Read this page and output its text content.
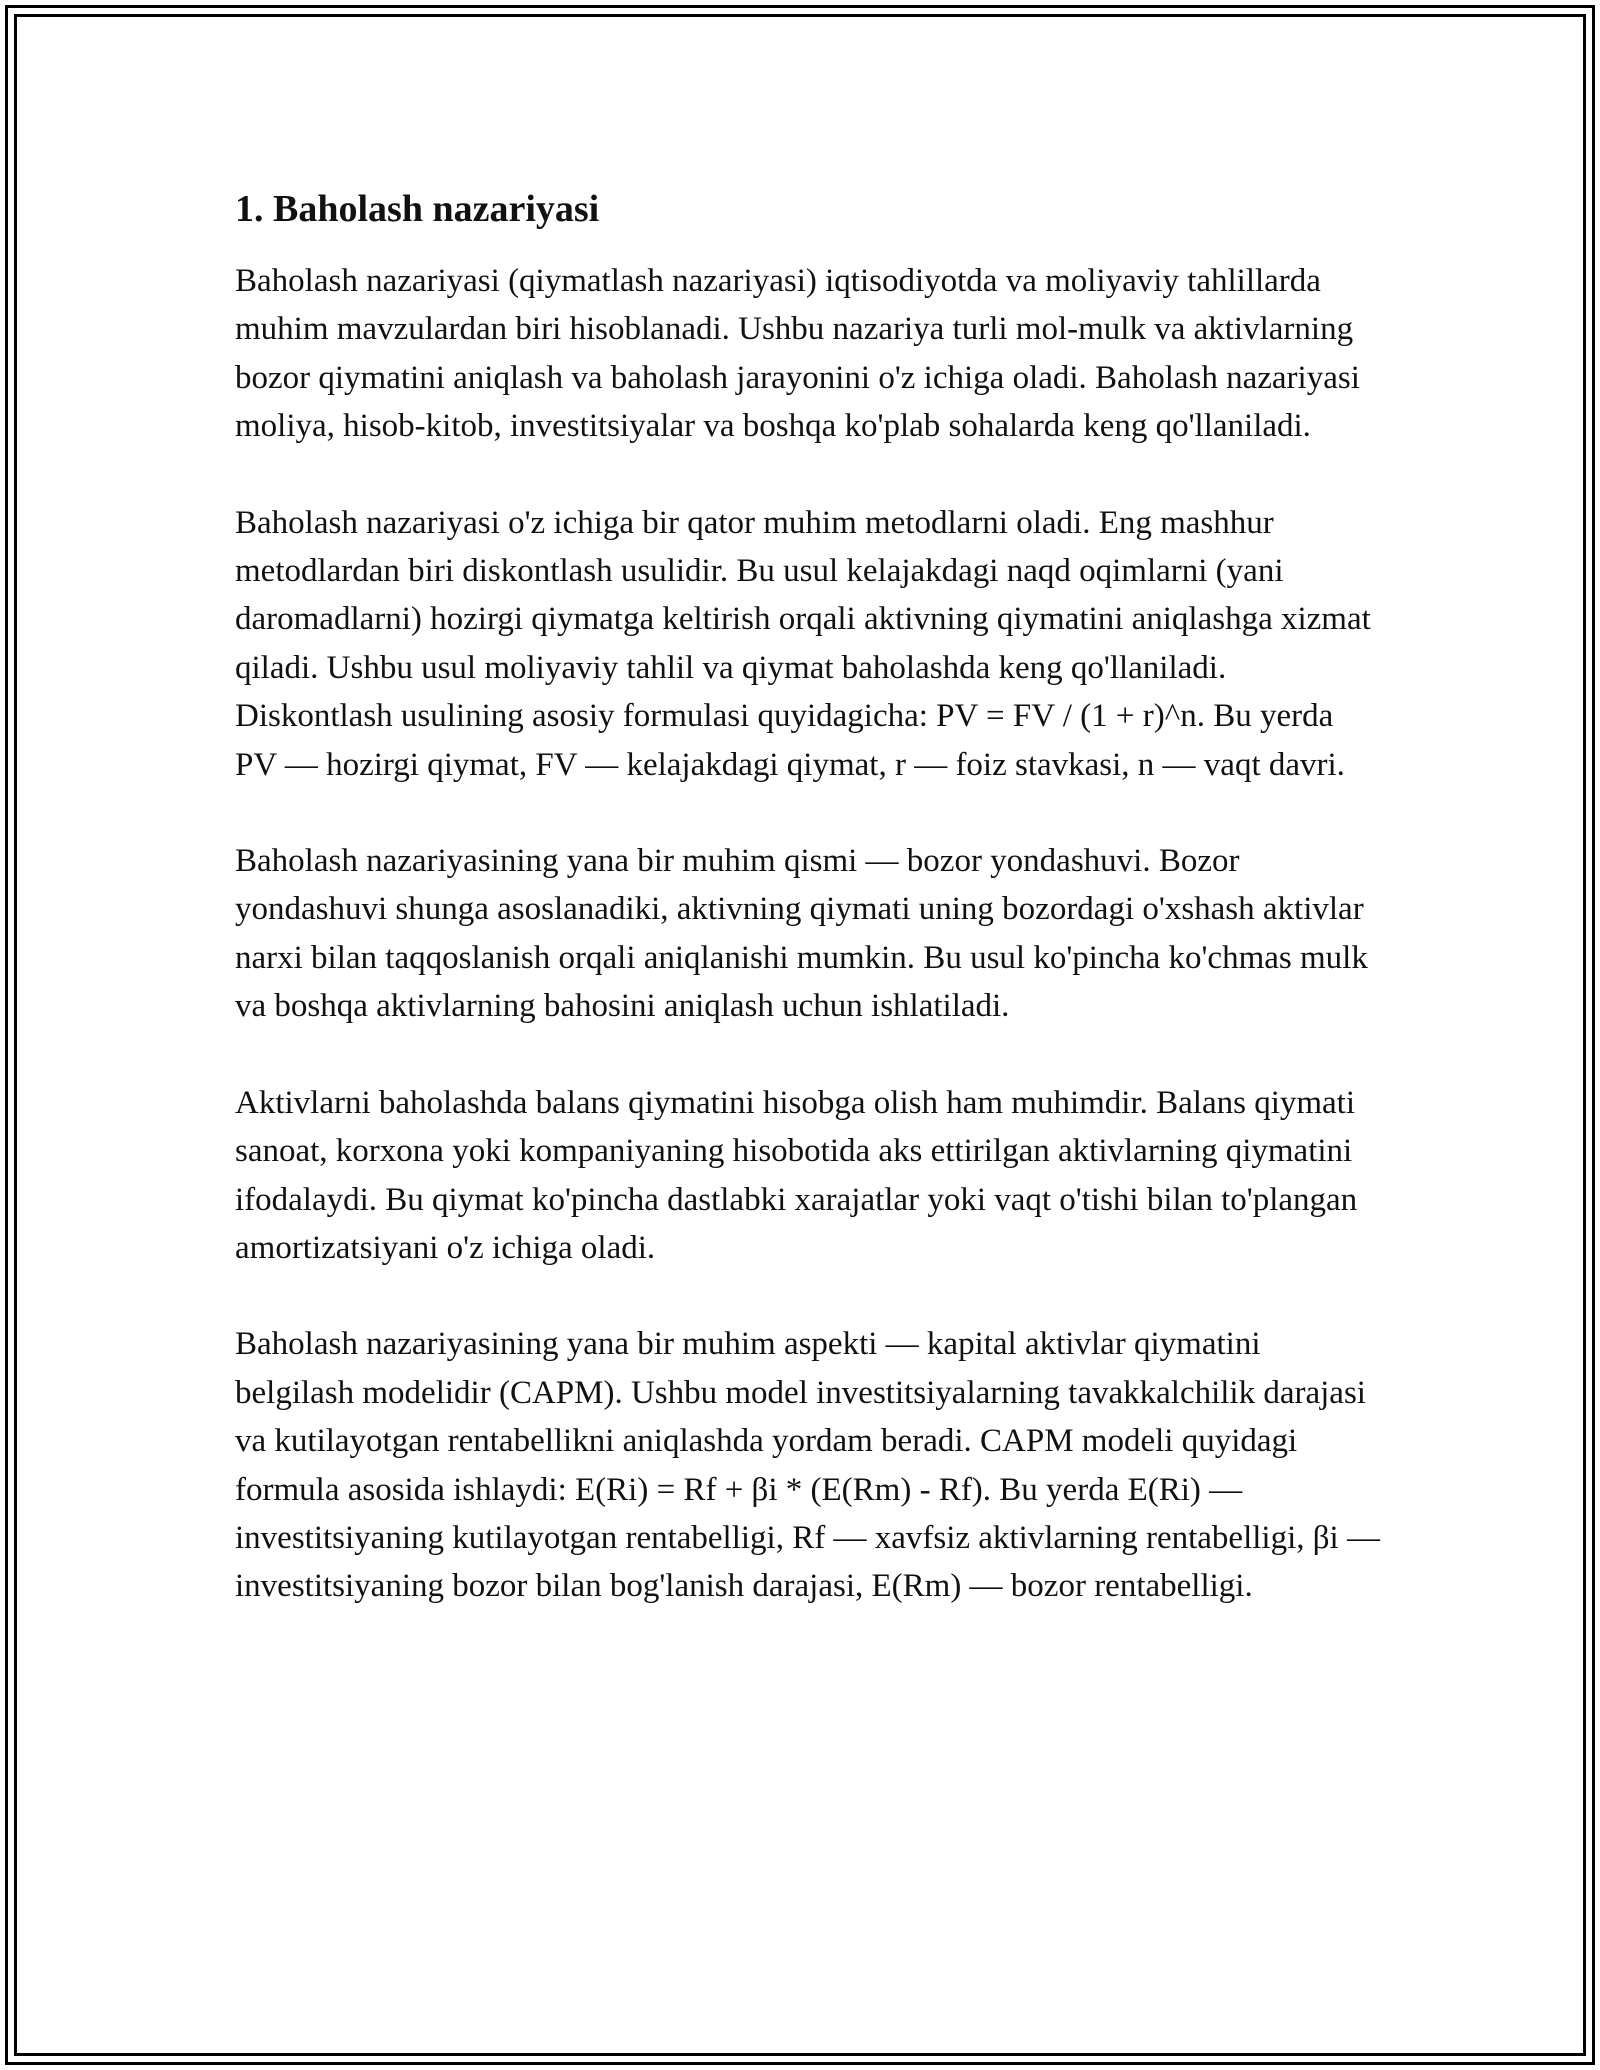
1. Baholash nazariyasi

Baholash nazariyasi (qiymatlash nazariyasi) iqtisodiyotda va moliyaviy tahlillarda muhim mavzulardan biri hisoblanadi. Ushbu nazariya turli mol-mulk va aktivlarning bozor qiymatini aniqlash va baholash jarayonini o'z ichiga oladi. Baholash nazariyasi moliya, hisob-kitob, investitsiyalar va boshqa ko'plab sohalarda keng qo'llaniladi.

Baholash nazariyasi o'z ichiga bir qator muhim metodlarni oladi. Eng mashhur metodlardan biri diskontlash usulidir. Bu usul kelajakdagi naqd oqimlarni (yani daromadlarni) hozirgi qiymatga keltirish orqali aktivning qiymatini aniqlashga xizmat qiladi. Ushbu usul moliyaviy tahlil va qiymat baholashda keng qo'llaniladi. Diskontlash usulining asosiy formulasi quyidagicha: PV = FV / (1 + r)^n. Bu yerda PV — hozirgi qiymat, FV — kelajakdagi qiymat, r — foiz stavkasi, n — vaqt davri.

Baholash nazariyasining yana bir muhim qismi — bozor yondashuvi. Bozor yondashuvi shunga asoslanadiki, aktivning qiymati uning bozordagi o'xshash aktivlar narxi bilan taqqoslanish orqali aniqlanishi mumkin. Bu usul ko'pincha ko'chmas mulk va boshqa aktivlarning bahosini aniqlash uchun ishlatiladi.

Aktivlarni baholashda balans qiymatini hisobga olish ham muhimdir. Balans qiymati sanoat, korxona yoki kompaniyaning hisobotida aks ettirilgan aktivlarning qiymatini ifodalaydi. Bu qiymat ko'pincha dastlabki xarajatlar yoki vaqt o'tishi bilan to'plangan amortizatsiyani o'z ichiga oladi.

Baholash nazariyasining yana bir muhim aspekti — kapital aktivlar qiymatini belgilash modelidir (CAPM). Ushbu model investitsiyalarning tavakkalchilik darajasi va kutilayotgan rentabellikni aniqlashda yordam beradi. CAPM modeli quyidagi formula asosida ishlaydi: E(Ri) = Rf + βi * (E(Rm) - Rf). Bu yerda E(Ri) — investitsiyaning kutilayotgan rentabelligi, Rf — xavfsiz aktivlarning rentabelligi, βi — investitsiyaning bozor bilan bog'lanish darajasi, E(Rm) — bozor rentabelligi.
